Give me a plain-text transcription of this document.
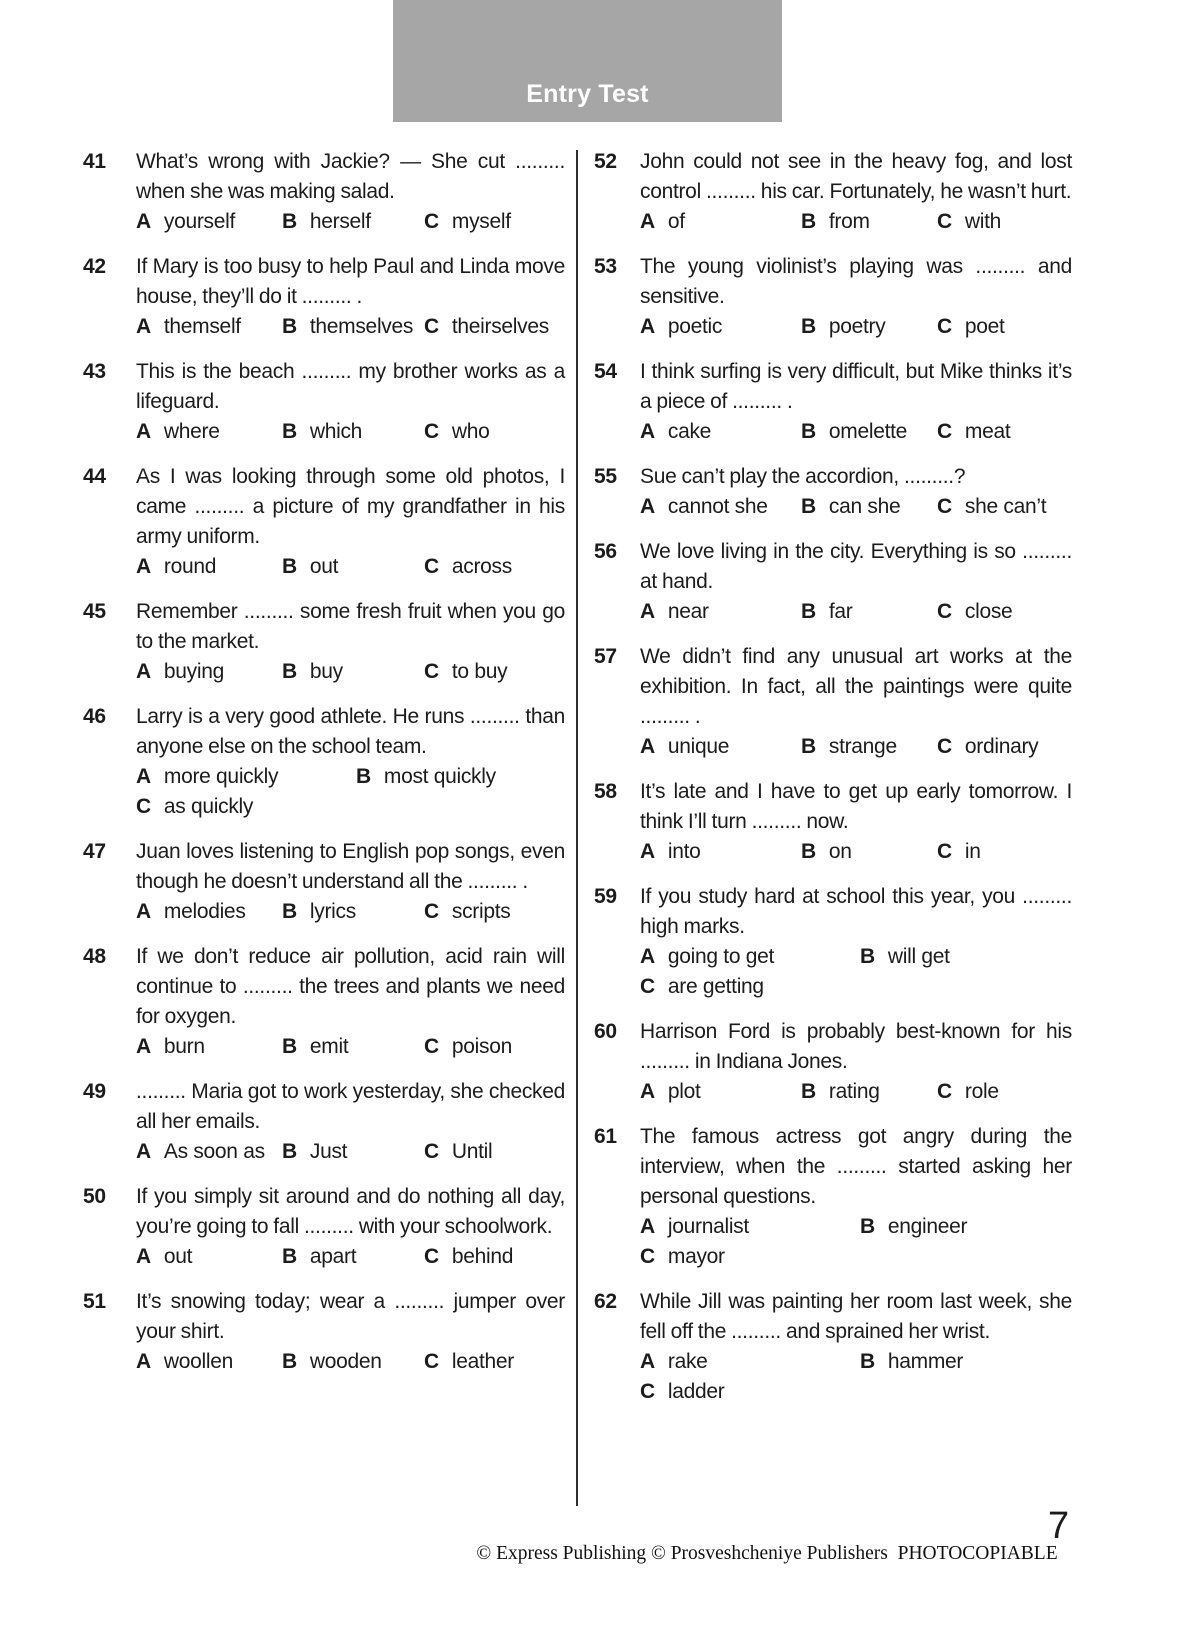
Entry Test
41	What’s wrong with Jackie? — She cut ......... when she was making salad.

A yourself B herself	C myself
42	If Mary is too busy to help Paul and Linda move house, they’ll do it ......... .

A themself B themselves C theirselves
43	This is the beach ......... my brother works as a lifeguard.

A where	B which	C who
44	As I was looking through some old photos, I came ......... a picture of my grandfather in his army uniform.

A round	B out	C across
45	Remember ......... some fresh fruit when you go to the market.

A buying	B buy	C to buy
46	Larry is a very good athlete. He runs ......... than anyone else on the school team.

A more quickly	B most quickly
C as quickly
47	Juan loves listening to English pop songs, even though he doesn’t understand all the ......... .

A melodies B lyrics	C scripts
48	If we don’t reduce air pollution, acid rain will continue to ......... the trees and plants we need for oxygen.

A burn	B emit	C poison
49	......... Maria got to work yesterday, she checked all her emails.

A As soon as B Just	C Until
50	If you simply sit around and do nothing all day, you’re going to fall ......... with your schoolwork.

A out	B apart	C behind
51	It’s snowing today; wear a ......... jumper over your shirt.

A woollen B wooden C leather
52	John could not see in the heavy fog, and lost control ......... his car. Fortunately, he wasn’t hurt.

A of	B from	C with
53	The young violinist’s playing was ......... and sensitive.

A poetic	B poetry C poet
54	I think surfing is very difficult, but Mike thinks it’s a piece of ......... .

A cake	B omelette C meat
55	Sue can’t play the accordion, .........?

A cannot she B can she C she can’t
56	We love living in the city. Everything is so ......... at hand.

A near	B far	C close
57	We didn’t find any unusual art works at the exhibition. In fact, all the paintings were quite ......... .

A unique	B strange C ordinary
58	It’s late and I have to get up early tomorrow. I think I’ll turn ......... now.

A into	B on	C in
59	If you study hard at school this year, you ......... high marks.

A going to get	B will get
C are getting
60	Harrison Ford is probably best-known for his ......... in Indiana Jones.

A plot	B rating	C role
61	The famous actress got angry during the interview, when the ......... started asking her personal questions.

A journalist	B engineer
C mayor
62	While Jill was painting her room last week, she fell off the ......... and sprained her wrist.

A rake	B hammer
C ladder
© Express Publishing © Prosveshcheniye Publishers  PHOTOCOPIABLE
7
